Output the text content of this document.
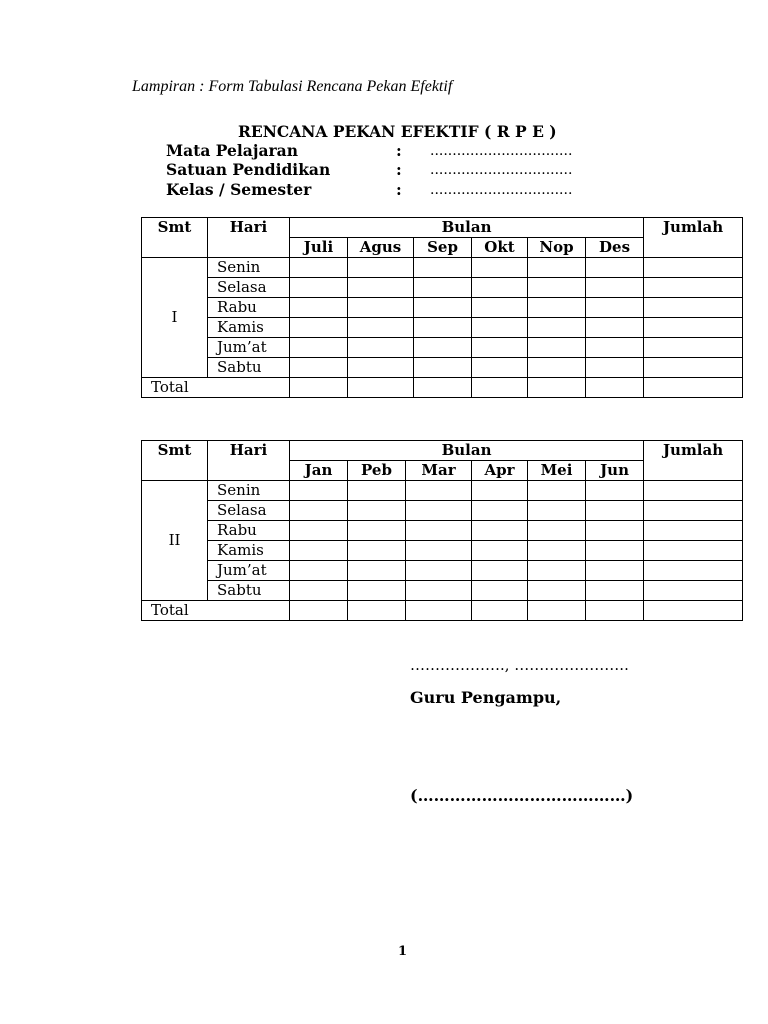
Lampiran : Form Tabulasi Rencana Pekan Efektif
RENCANA PEKAN EFEKTIF ( R P E )
Mata Pelajaran	: ................................
Satuan Pendidikan	: ................................
Kelas / Semester	: ................................
Smt	Hari	Bulan						Jumlah
		Juli	Agus	Sep	Okt	Nop	Des	
I	Senin							
	Selasa							
	Rabu							
	Kamis							
	Jum’at							
	Sabtu							
Total								
Smt	Hari	Bulan						Jumlah
		Jan	Peb	Mar	Apr	Mei	Jun	
II	Senin							
	Selasa							
	Rabu							
	Kamis							
	Jum’at							
	Sabtu							
Total								
………………., …………………..
Guru Pengampu,
(…………………………………)
1
